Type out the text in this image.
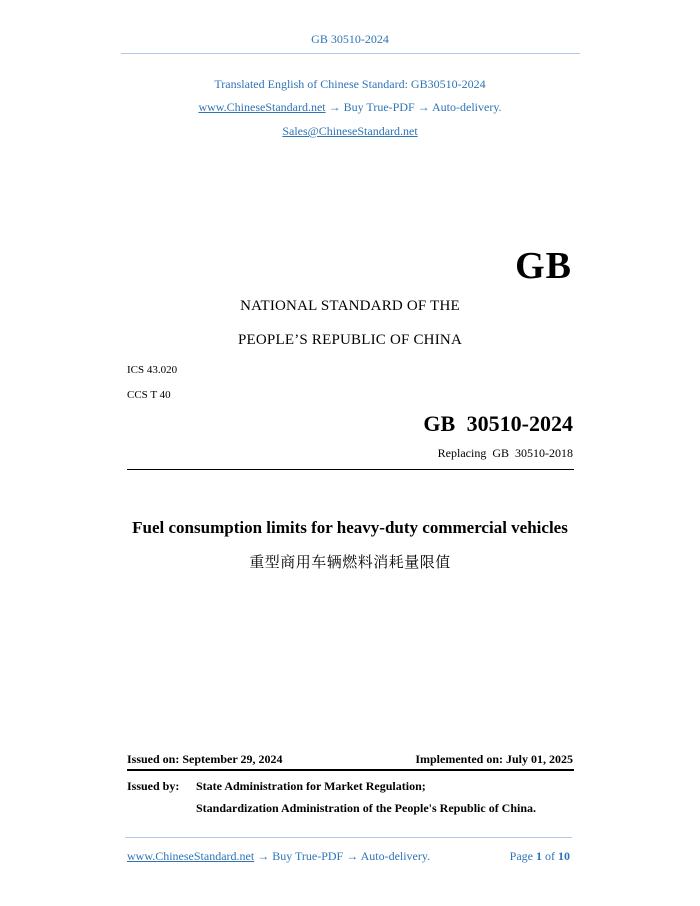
GB 30510-2024
Translated English of Chinese Standard: GB30510-2024
www.ChineseStandard.net → Buy True-PDF → Auto-delivery.
Sales@ChineseStandard.net
GB
NATIONAL STANDARD OF THE
PEOPLE’S REPUBLIC OF CHINA
ICS 43.020
CCS T 40
GB 30510-2024
Replacing GB 30510-2018
Fuel consumption limits for heavy-duty commercial vehicles
重型商用车辆燃料消耗量限值
Issued on: September 29, 2024	Implemented on: July 01, 2025
Issued by: State Administration for Market Regulation;
Standardization Administration of the People's Republic of China.
www.ChineseStandard.net → Buy True-PDF → Auto-delivery.	Page 1 of 10
